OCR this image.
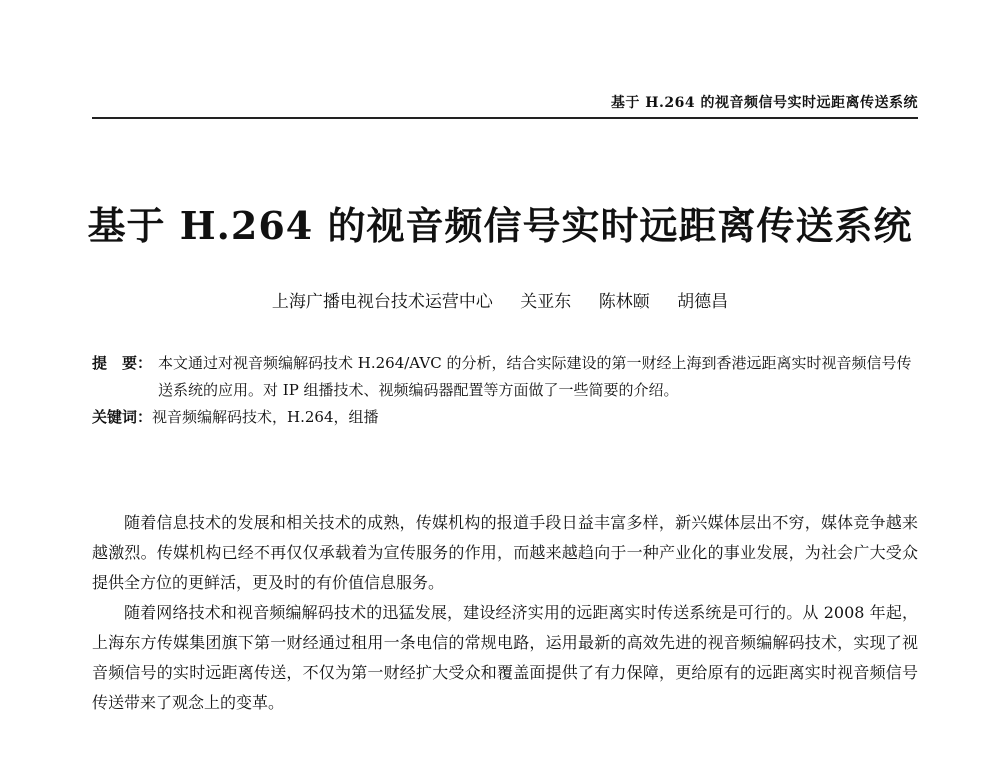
基于 H.264 的视音频信号实时远距离传送系统
基于 H.264 的视音频信号实时远距离传送系统
上海广播电视台技术运营中心 关亚东 陈林颐 胡德昌
提　要： 本文通过对视音频编解码技术 H.264/AVC 的分析，结合实际建设的第一财经上海到香港远距离实时视音频信号传送系统的应用。对 IP 组播技术、视频编码器配置等方面做了一些简要的介绍。
关键词：视音频编解码技术，H.264，组播

随着信息技术的发展和相关技术的成熟，传媒机构的报道手段日益丰富多样，新兴媒体层出不穷，媒体竞争越来越激烈。传媒机构已经不再仅仅承载着为宣传服务的作用，而越来越趋向于一种产业化的事业发展，为社会广大受众提供全方位的更鲜活，更及时的有价值信息服务。

随着网络技术和视音频编解码技术的迅猛发展，建设经济实用的远距离实时传送系统是可行的。从 2008 年起，上海东方传媒集团旗下第一财经通过租用一条电信的常规电路，运用最新的高效先进的视音频编解码技术，实现了视音频信号的实时远距离传送，不仅为第一财经扩大受众和覆盖面提供了有力保障，更给原有的远距离实时视音频信号传送带来了观念上的变革。
